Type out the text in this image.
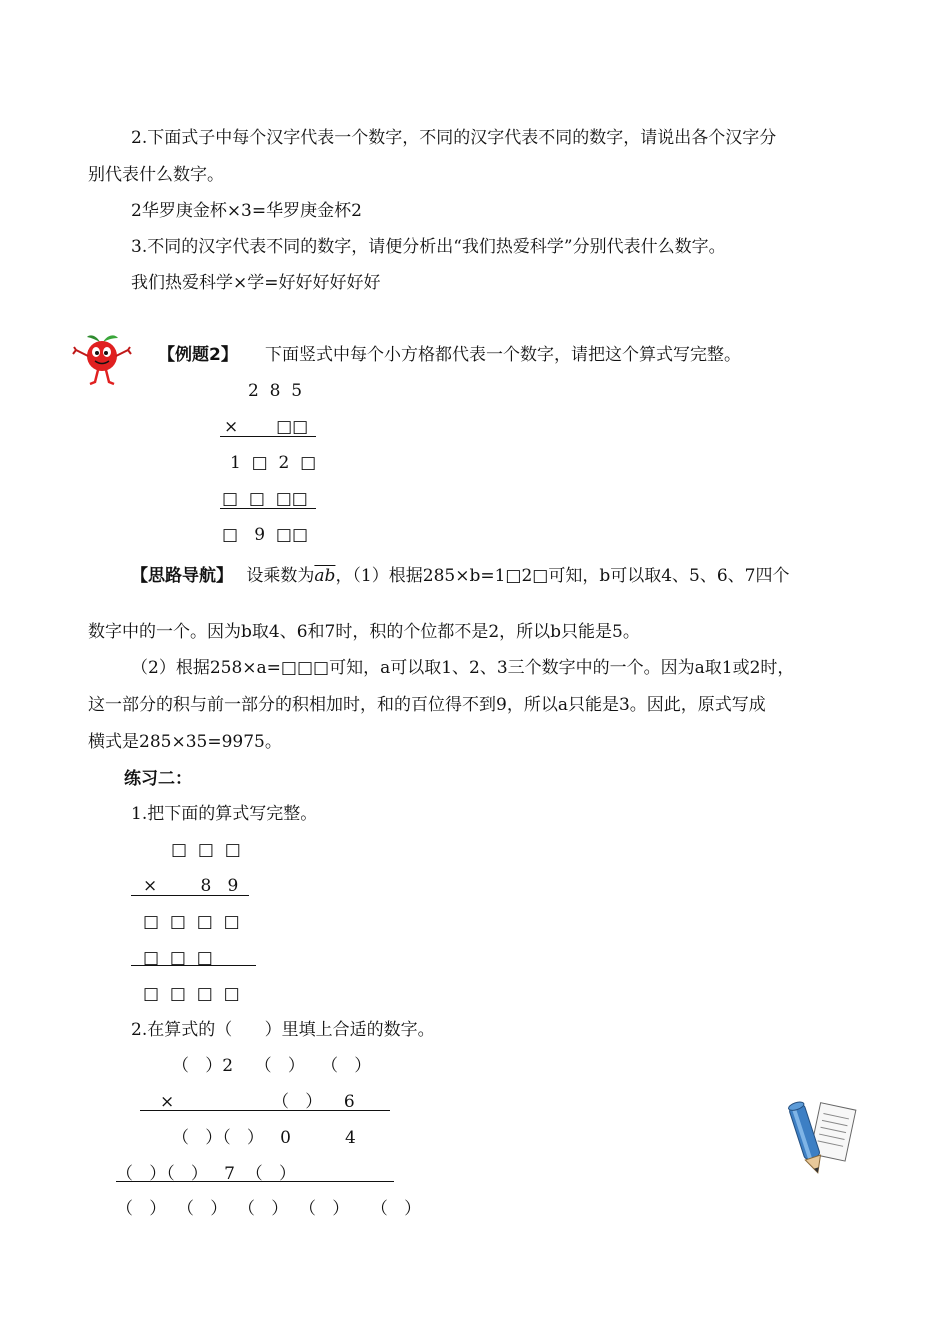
2.下面式子中每个汉字代表一个数字，不同的汉字代表不同的数字，请说出各个汉字分
别代表什么数字。
2华罗庚金杯×3=华罗庚金杯2
3.不同的汉字代表不同的数字，请便分析出“我们热爱科学”分别代表什么数字。
我们热爱科学×学=好好好好好好
【例题2】 下面竖式中每个小方格都代表一个数字，请把这个算式写完整。
2  8  5
×       □□
1  □  2  □
□  □  □□
□   9  □□
【思路导航】 设乘数为$\overline{ab}$，（1）根据285×b=1□2□可知，b可以取4、5、6、7四个
数字中的一个。因为b取4、6和7时，积的个位都不是2，所以b只能是5。
（2）根据258×a=□□□可知，a可以取1、2、3三个数字中的一个。因为a取1或2时，
这一部分的积与前一部分的积相加时，和的百位得不到9，所以a只能是3。因此，原式写成
横式是285×35=9975。
练习二：
1.把下面的算式写完整。
□  □  □
×        8   9
□  □  □  □
□  □  □
□  □  □  □
2.在算式的（      ）里填上合适的数字。
（   ）2    （   ）   （   ）
×	（   ）    6
（   ）（   ）   0          4
（   ）（   ）   7  （   ）
（   ）  （   ）  （   ）  （   ）    （   ）
